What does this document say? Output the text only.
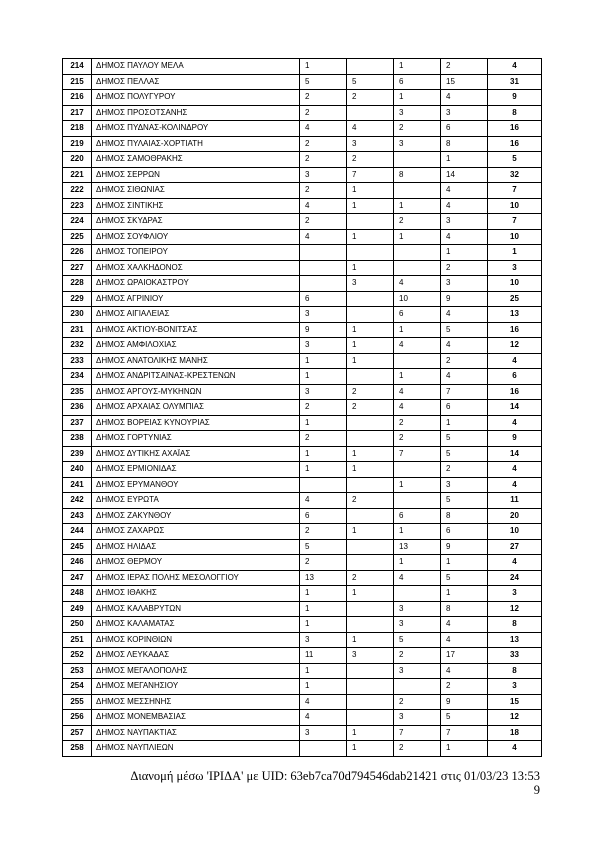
214	ΔΗΜΟΣ ΠΑΥΛΟΥ ΜΕΛΑ	1		1	2	4
215	ΔΗΜΟΣ ΠΕΛΛΑΣ	5	5	6	15	31
216	ΔΗΜΟΣ ΠΟΛΥΓΥΡΟΥ	2	2	1	4	9
217	ΔΗΜΟΣ ΠΡΟΣΟΤΣΑΝΗΣ	2		3	3	8
218	ΔΗΜΟΣ ΠΥΔΝΑΣ-ΚΟΛΙΝΔΡΟΥ	4	4	2	6	16
219	ΔΗΜΟΣ ΠΥΛΑΙΑΣ-ΧΟΡΤΙΑΤΗ	2	3	3	8	16
220	ΔΗΜΟΣ ΣΑΜΟΘΡΑΚΗΣ	2	2		1	5
221	ΔΗΜΟΣ ΣΕΡΡΩΝ	3	7	8	14	32
222	ΔΗΜΟΣ ΣΙΘΩΝΙΑΣ	2	1		4	7
223	ΔΗΜΟΣ ΣΙΝΤΙΚΗΣ	4	1	1	4	10
224	ΔΗΜΟΣ ΣΚΥΔΡΑΣ	2		2	3	7
225	ΔΗΜΟΣ ΣΟΥΦΛΙΟΥ	4	1	1	4	10
226	ΔΗΜΟΣ ΤΟΠΕΙΡΟΥ				1	1
227	ΔΗΜΟΣ ΧΑΛΚΗΔΟΝΟΣ		1		2	3
228	ΔΗΜΟΣ ΩΡΑΙΟΚΑΣΤΡΟΥ		3	4	3	10
229	ΔΗΜΟΣ ΑΓΡΙΝΙΟΥ	6		10	9	25
230	ΔΗΜΟΣ ΑΙΓΙΑΛΕΙΑΣ	3		6	4	13
231	ΔΗΜΟΣ ΑΚΤΙΟΥ-ΒΟΝΙΤΣΑΣ	9	1	1	5	16
232	ΔΗΜΟΣ ΑΜΦΙΛΟΧΙΑΣ	3	1	4	4	12
233	ΔΗΜΟΣ ΑΝΑΤΟΛΙΚΗΣ ΜΑΝΗΣ	1	1		2	4
234	ΔΗΜΟΣ ΑΝΔΡΙΤΣΑΙΝΑΣ-ΚΡΕΣΤΕΝΩΝ	1		1	4	6
235	ΔΗΜΟΣ ΑΡΓΟΥΣ-ΜΥΚΗΝΩΝ	3	2	4	7	16
236	ΔΗΜΟΣ ΑΡΧΑΙΑΣ ΟΛΥΜΠΙΑΣ	2	2	4	6	14
237	ΔΗΜΟΣ ΒΟΡΕΙΑΣ ΚΥΝΟΥΡΙΑΣ	1		2	1	4
238	ΔΗΜΟΣ ΓΟΡΤΥΝΙΑΣ	2		2	5	9
239	ΔΗΜΟΣ ΔΥΤΙΚΗΣ ΑΧΑΪΑΣ	1	1	7	5	14
240	ΔΗΜΟΣ ΕΡΜΙΟΝΙΔΑΣ	1	1		2	4
241	ΔΗΜΟΣ ΕΡΥΜΑΝΘΟΥ			1	3	4
242	ΔΗΜΟΣ ΕΥΡΩΤΑ	4	2		5	11
243	ΔΗΜΟΣ ΖΑΚΥΝΘΟΥ	6		6	8	20
244	ΔΗΜΟΣ ΖΑΧΑΡΩΣ	2	1	1	6	10
245	ΔΗΜΟΣ ΗΛΙΔΑΣ	5		13	9	27
246	ΔΗΜΟΣ ΘΕΡΜΟΥ	2		1	1	4
247	ΔΗΜΟΣ ΙΕΡΑΣ ΠΟΛΗΣ ΜΕΣΟΛΟΓΓΙΟΥ	13	2	4	5	24
248	ΔΗΜΟΣ ΙΘΑΚΗΣ	1	1		1	3
249	ΔΗΜΟΣ ΚΑΛΑΒΡΥΤΩΝ	1		3	8	12
250	ΔΗΜΟΣ ΚΑΛΑΜΑΤΑΣ	1		3	4	8
251	ΔΗΜΟΣ ΚΟΡΙΝΘΙΩΝ	3	1	5	4	13
252	ΔΗΜΟΣ ΛΕΥΚΑΔΑΣ	11	3	2	17	33
253	ΔΗΜΟΣ ΜΕΓΑΛΟΠΟΛΗΣ	1		3	4	8
254	ΔΗΜΟΣ ΜΕΓΑΝΗΣΙΟΥ	1			2	3
255	ΔΗΜΟΣ ΜΕΣΣΗΝΗΣ	4		2	9	15
256	ΔΗΜΟΣ ΜΟΝΕΜΒΑΣΙΑΣ	4		3	5	12
257	ΔΗΜΟΣ ΝΑΥΠΑΚΤΙΑΣ	3	1	7	7	18
258	ΔΗΜΟΣ ΝΑΥΠΛΙΕΩΝ		1	2	1	4
Διανομή μέσω 'ΙΡΙΔΑ' με UID: 63eb7ca70d794546dab21421 στις 01/03/23 13:53
9
